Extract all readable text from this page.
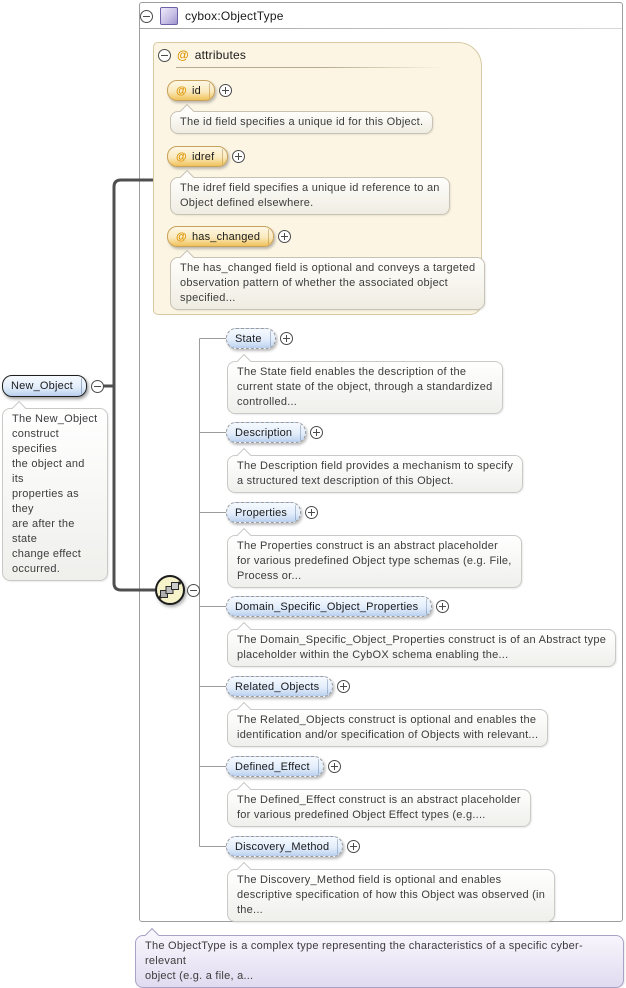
cybox:ObjectType
@ attributes
@ id
The id field specifies a unique id for this Object.
@ idref
The idref field specifies a unique id reference to an
Object defined elsewhere.
@ has_changed
The has_changed field is optional and conveys a targeted
observation pattern of whether the associated object
specified...
New_Object
The New_Object
construct specifies
the object and its
properties as they
are after the state
change effect
occurred.
State
The State field enables the description of the
current state of the object, through a standardized
controlled...
Description
The Description field provides a mechanism to specify
a structured text description of this Object.
Properties
The Properties construct is an abstract placeholder
for various predefined Object type schemas (e.g. File,
Process or...
Domain_Specific_Object_Properties
The Domain_Specific_Object_Properties construct is of an Abstract type
placeholder within the CybOX schema enabling the...
Related_Objects
The Related_Objects construct is optional and enables the
identification and/or specification of Objects with relevant...
Defined_Effect
The Defined_Effect construct is an abstract placeholder
for various predefined Object Effect types (e.g....
Discovery_Method
The Discovery_Method field is optional and enables
descriptive specification of how this Object was observed (in
the...
The ObjectType is a complex type representing the characteristics of a specific cyber-relevant
object (e.g. a file, a...
